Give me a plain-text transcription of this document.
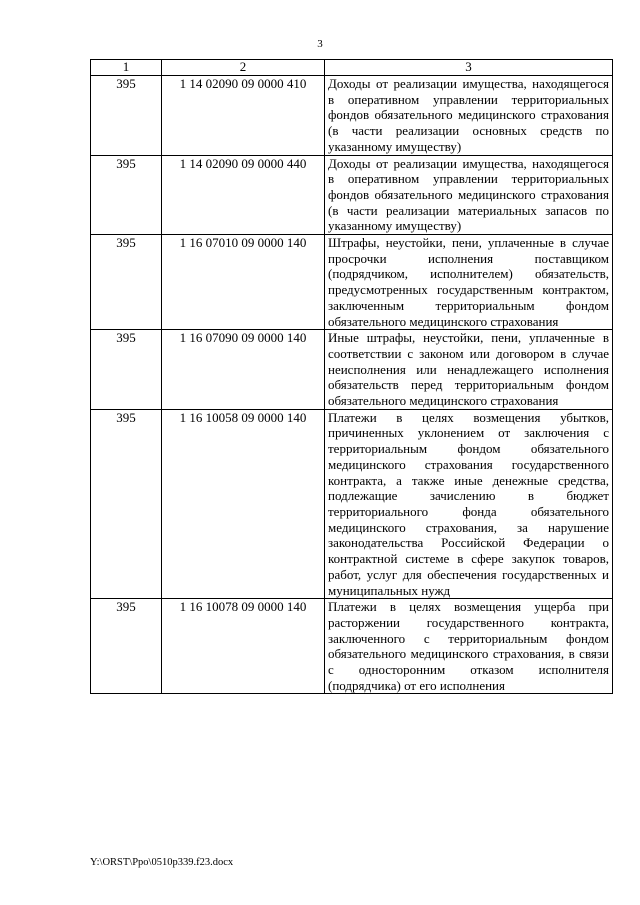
3
1	2	3
395	1 14 02090 09 0000 410	Доходы от реализации имущества, находящегося в оперативном управлении территориальных фондов обязательного медицинского страхования (в части реализации основных средств по указанному имуществу)
395	1 14 02090 09 0000 440	Доходы от реализации имущества, находящегося в оперативном управлении территориальных фондов обязательного медицинского страхования (в части реализации материальных запасов по указанному имуществу)
395	1 16 07010 09 0000 140	Штрафы, неустойки, пени, уплаченные в случае просрочки исполнения поставщиком (подрядчиком, исполнителем) обязательств, предусмотренных государственным контрактом, заключенным территориальным фондом обязательного медицинского страхования
395	1 16 07090 09 0000 140	Иные штрафы, неустойки, пени, уплаченные в соответствии с законом или договором в случае неисполнения или ненадлежащего исполнения обязательств перед территориальным фондом обязательного медицинского страхования
395	1 16 10058 09 0000 140	Платежи в целях возмещения убытков, причиненных уклонением от заключения с территориальным фондом обязательного медицинского страхования государственного контракта, а также иные денежные средства, подлежащие зачислению в бюджет территориального фонда обязательного медицинского страхования, за нарушение законодательства Российской Федерации о контрактной системе в сфере закупок товаров, работ, услуг для обеспечения государственных и муниципальных нужд
395	1 16 10078 09 0000 140	Платежи в целях возмещения ущерба при расторжении государственного контракта, заключенного с территориальным фондом обязательного медицинского страхования, в связи с односторонним отказом исполнителя (подрядчика) от его исполнения
Y:\ORST\Ppo\0510p339.f23.docx
